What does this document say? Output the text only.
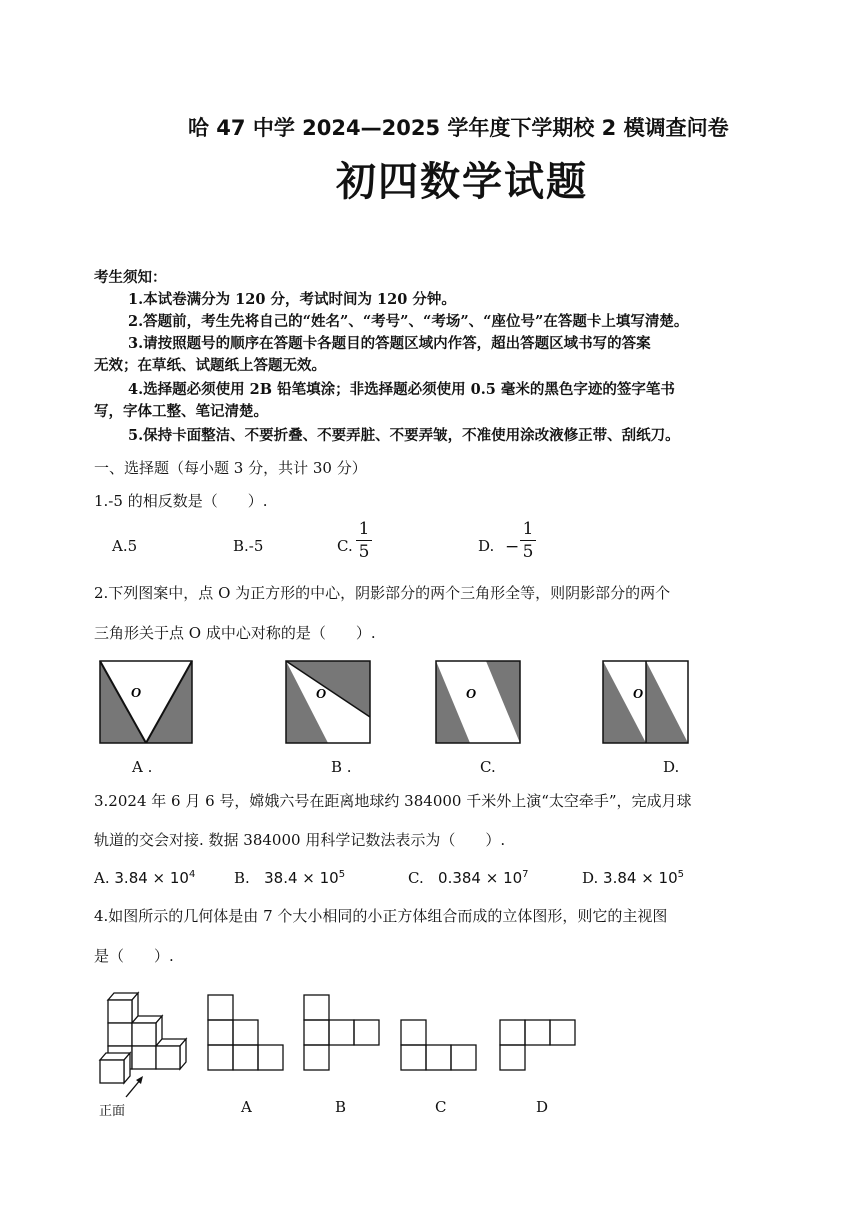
哈 47 中学 2024—2025 学年度下学期校 2 模调查问卷
初四数学试题
考生须知：
1.本试卷满分为 120 分，考试时间为 120 分钟。
2.答题前，考生先将自己的“姓名”、“考号”、“考场”、“座位号”在答题卡上填写清楚。
3.请按照题号的顺序在答题卡各题目的答题区域内作答，超出答题区域书写的答案
无效；在草纸、试题纸上答题无效。
4.选择题必须使用 2B 铅笔填涂；非选择题必须使用 0.5 毫米的黑色字迹的签字笔书
写，字体工整、笔记清楚。
5.保持卡面整洁、不要折叠、不要弄脏、不要弄皱，不准使用涂改液修正带、刮纸刀。
一、选择题（每小题 3 分，共计 30 分）
1.-5 的相反数是（　　）.
A.5	B.-5	C.
1
5	D. −
1
5
2.下列图案中，点 O 为正方形的中心，阴影部分的两个三角形全等，则阴影部分的两个
三角形关于点 O 成中心对称的是（　　）.
O	O	O	O
A .	B .	C.	D.
3.2024 年 6 月 6 号，嫦娥六号在距离地球约 384000 千米外上演“太空牵手”，完成月球
轨道的交会对接. 数据 384000 用科学记数法表示为（　　）.
A. $3.84 \times 10^4$	B. $38.4 \times 10^5$	C. $0.384 \times 10^7$	D. $3.84 \times 10^5$
4.如图所示的几何体是由 7 个大小相同的小正方体组合而成的立体图形，则它的主视图
是（　　）.
正面	A	B	C	D
